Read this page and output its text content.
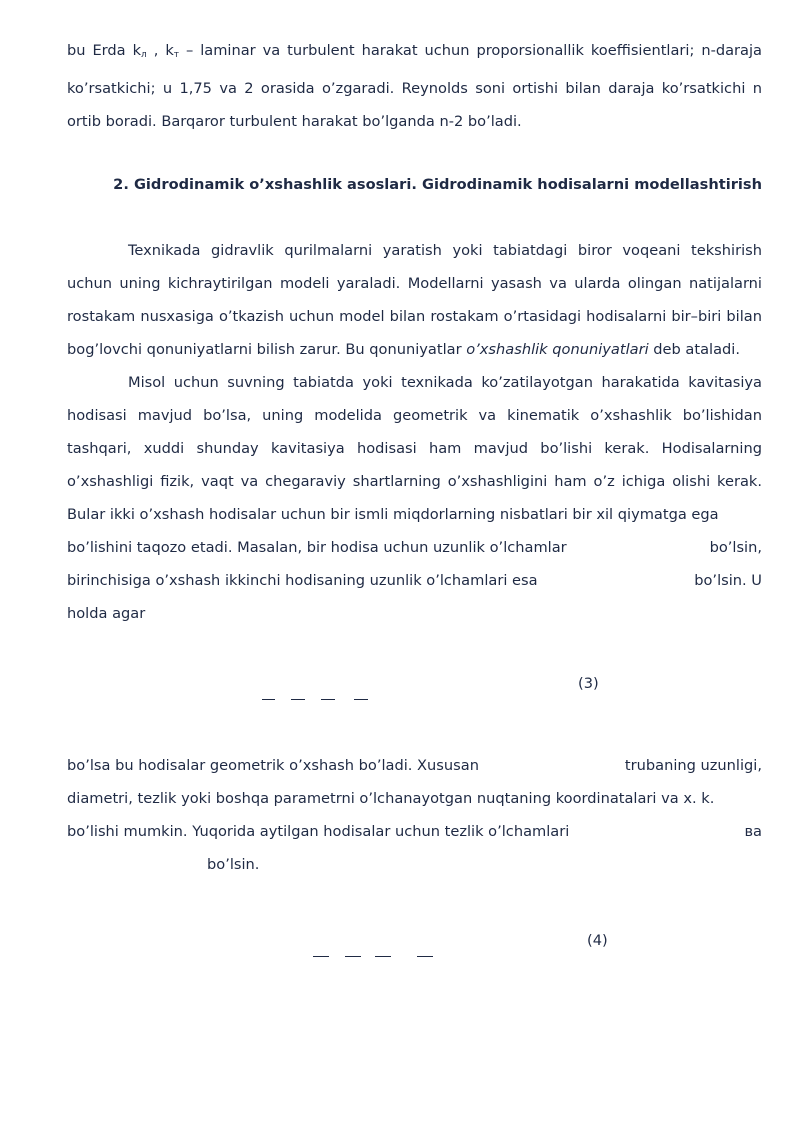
bu Erda $k_л$ , $k_т$ – laminar va turbulent harakat uchun proporsionallik koeffisientlari; n-daraja ko’rsatkichi; u 1,75 va 2 orasida o’zgaradi. Reynolds soni ortishi bilan daraja ko’rsatkichi n ortib boradi. Barqaror turbulent harakat bo’lganda n-2 bo’ladi.

2. Gidrodinamik o’xshashlik asoslari. Gidrodinamik hodisalarni modellashtirish

Texnikada gidravlik qurilmalarni yaratish yoki tabiatdagi biror voqeani tekshirish uchun uning kichraytirilgan modeli yaraladi. Modellarni yasash va ularda olingan natijalarni rostakam nusxasiga o’tkazish uchun model bilan rostakam o’rtasidagi hodisalarni bir–biri bilan bog’lovchi qonuniyatlarni bilish zarur. Bu qonuniyatlar o’xshashlik qonuniyatlari deb ataladi.

Misol uchun suvning tabiatda yoki texnikada ko’zatilayotgan harakatida kavitasiya hodisasi mavjud bo’lsa, uning modelida geometrik va kinematik o’xshashlik bo’lishidan tashqari, xuddi shunday kavitasiya hodisasi ham mavjud bo’lishi kerak. Hodisalarning o’xshashligi fizik, vaqt va chegaraviy shartlarning o’xshashligini ham o’z ichiga olishi kerak. Bular ikki o’xshash hodisalar uchun bir ismli miqdorlarning nisbatlari bir xil qiymatga ega

bo’lishini taqozo etadi. Masalan, bir hodisa uchun uzunlik o’lchamlar	bo’lsin,
birinchisiga o’xshash ikkinchi hodisaning uzunlik o’lchamlari esa	bo’lsin. U
holda agar

(3)
bo’lsa bu hodisalar geometrik o’xshash bo’ladi. Xususan	trubaning uzunligi,
diametri, tezlik yoki boshqa parametrni o’lchanayotgan nuqtaning koordinatalari va x. k.
bo’lishi mumkin. Yuqorida aytilgan hodisalar uchun tezlik o’lchamlari	ва
bo’lsin.

(4)
